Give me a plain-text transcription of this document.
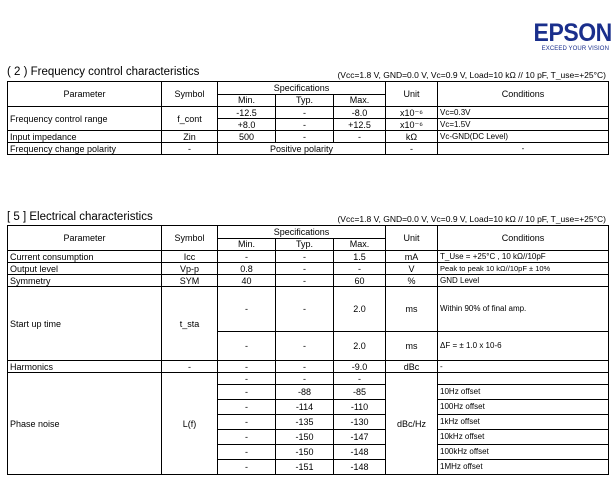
EPSON
EXCEED YOUR VISION
( 2 ) Frequency control characteristics	(Vcc=1.8 V, GND=0.0 V, Vc=0.9 V, Load=10 kΩ // 10 pF, T_use=+25°C)
Parameter	Symbol	Specifications			Unit	Conditions
		Min.	Typ.	Max.		
Frequency control range	f_cont	-12.5	-	-8.0	x10⁻⁶	Vc=0.3V
		+8.0	-	+12.5	x10⁻⁶	Vc=1.5V
Input impedance	Zin	500	-	-	kΩ	Vc-GND(DC Level)
Frequency change polarity	-	Positive polarity			-	-
[ 5 ] Electrical characteristics	(Vcc=1.8 V, GND=0.0 V, Vc=0.9 V, Load=10 kΩ // 10 pF, T_use=+25°C)
Parameter	Symbol	Specifications			Unit	Conditions
		Min.	Typ.	Max.		
Current consumption	Icc	-	-	1.5	mA	T_Use = +25°C , 10 kΩ//10pF
Output level	Vp-p	0.8	-	-	V	Peak to peak 10 kΩ//10pF ± 10%
Symmetry	SYM	40	-	60	%	GND Level
Start up time	t_sta	-	-	2.0	ms	Within 90% of final amp.
		-	-	2.0	ms	ΔF = ± 1.0 x 10-6
Harmonics	-	-	-	-9.0	dBc	-
Phase noise	L(f)	-	-	-	dBc/Hz	
		-	-88	-85		10Hz offset
		-	-114	-110		100Hz offset
		-	-135	-130		1kHz offset
		-	-150	-147		10kHz offset
		-	-150	-148		100kHz offset
		-	-151	-148		1MHz offset
